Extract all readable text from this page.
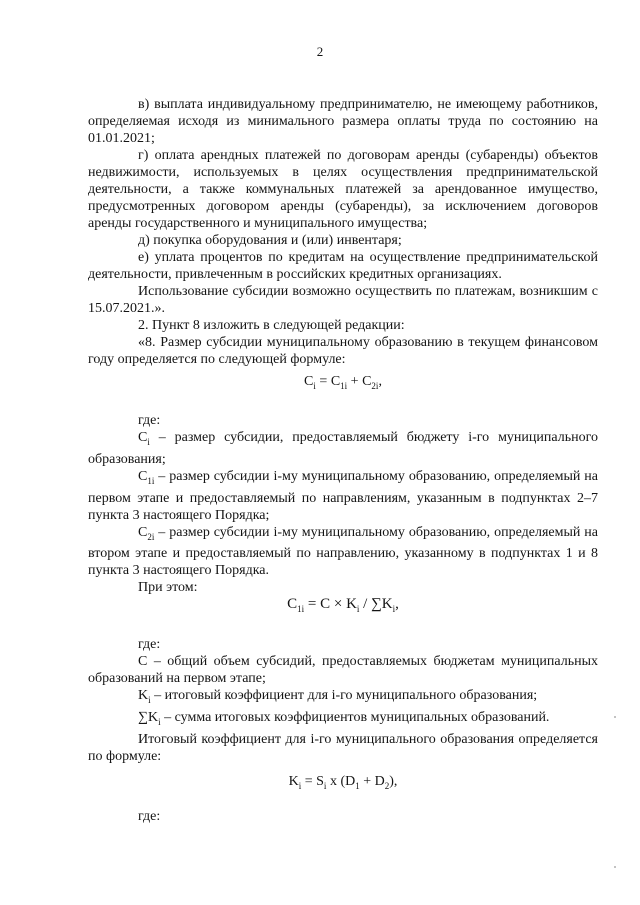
2

в) выплата индивидуальному предпринимателю, не имеющему работников, определяемая исходя из минимального размера оплаты труда по состоянию на 01.01.2021;

г) оплата арендных платежей по договорам аренды (субаренды) объектов недвижимости, используемых в целях осуществления предпринимательской деятельности, а также коммунальных платежей за арендованное имущество, предусмотренных договором аренды (субаренды), за исключением договоров аренды государственного и муниципального имущества;

д) покупка оборудования и (или) инвентаря;

е) уплата процентов по кредитам на осуществление предпринимательской деятельности, привлеченным в российских кредитных организациях.

Использование субсидии возможно осуществить по платежам, возникшим с 15.07.2021.».

2. Пункт 8 изложить в следующей редакции:

«8. Размер субсидии муниципальному образованию в текущем финансовом году определяется по следующей формуле:

$C_i = C_{1i} + C_{2i}$,

где:

$C_i$ – размер субсидии, предоставляемый бюджету i-го муниципального образования;

$C_{1i}$ – размер субсидии i-му муниципальному образованию, определяемый на первом этапе и предоставляемый по направлениям, указанным в подпунктах 2–7 пункта 3 настоящего Порядка;

$C_{2i}$ – размер субсидии i-му муниципальному образованию, определяемый на втором этапе и предоставляемый по направлению, указанному в подпунктах 1 и 8 пункта 3 настоящего Порядка.

При этом:

$C_{1i} = C \times K_i / \sum K_i$,

где:

C – общий объем субсидий, предоставляемых бюджетам муниципальных образований на первом этапе;

$K_i$ – итоговый коэффициент для i-го муниципального образования;

$\sum K_i$ – сумма итоговых коэффициентов муниципальных образований.

Итоговый коэффициент для i-го муниципального образования определяется по формуле:

$K_i = S_i$ x $(D_1 + D_2)$,

где:
